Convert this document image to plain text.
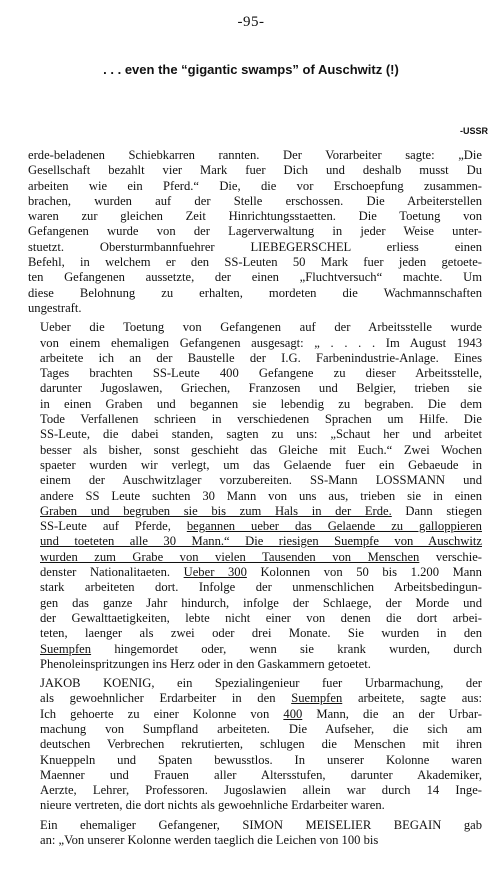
-95-
. . . even the “gigantic swamps” of Auschwitz (!)
-USSR
erde-beladenen Schiebkarren rannten. Der Vorarbeiter sagte: „Die
Gesellschaft bezahlt vier Mark fuer Dich und deshalb musst Du
arbeiten wie ein Pferd.“ Die, die vor Erschoepfung zusammen-
brachen, wurden auf der Stelle erschossen. Die Arbeiterstellen
waren zur gleichen Zeit Hinrichtungsstaetten. Die Toetung von
Gefangenen wurde von der Lagerverwaltung in jeder Weise unter-
stuetzt. Obersturmbannfuehrer LIEBEGERSCHEL erliess einen
Befehl, in welchem er den SS-Leuten 50 Mark fuer jeden getoete-
ten Gefangenen aussetzte, der einen „Fluchtversuch“ machte. Um
diese Belohnung zu erhalten, mordeten die Wachmannschaften
ungestraft.
Ueber die Toetung von Gefangenen auf der Arbeitsstelle wurde
von einem ehemaligen Gefangenen ausgesagt: „ . . . . Im August 1943
arbeitete ich an der Baustelle der I.G. Farbenindustrie-Anlage. Eines
Tages brachten SS-Leute 400 Gefangene zu dieser Arbeitsstelle,
darunter Jugoslawen, Griechen, Franzosen und Belgier, trieben sie
in einen Graben und begannen sie lebendig zu begraben. Die dem
Tode Verfallenen schrieen in verschiedenen Sprachen um Hilfe. Die
SS-Leute, die dabei standen, sagten zu uns: „Schaut her und arbeitet
besser als bisher, sonst geschieht das Gleiche mit Euch.“ Zwei Wochen
spaeter wurden wir verlegt, um das Gelaende fuer ein Gebaeude in
einem der Auschwitzlager vorzubereiten. SS-Mann LOSSMANN und
andere SS Leute suchten 30 Mann von uns aus, trieben sie in einen
Graben und begruben sie bis zum Hals in der Erde. Dann stiegen
SS-Leute auf Pferde, begannen ueber das Gelaende zu galloppieren
und toeteten alle 30 Mann.“ Die riesigen Suempfe von Auschwitz
wurden zum Grabe von vielen Tausenden von Menschen verschie-
denster Nationalitaeten. Ueber 300 Kolonnen von 50 bis 1.200 Mann
stark arbeiteten dort. Infolge der unmenschlichen Arbeitsbedingun-
gen das ganze Jahr hindurch, infolge der Schlaege, der Morde und
der Gewalttaetigkeiten, lebte nicht einer von denen die dort arbei-
teten, laenger als zwei oder drei Monate. Sie wurden in den
Suempfen hingemordet oder, wenn sie krank wurden, durch
Phenoleinspritzungen ins Herz oder in den Gaskammern getoetet.
JAKOB KOENIG, ein Spezialingenieur fuer Urbarmachung, der
als gewoehnlicher Erdarbeiter in den Suempfen arbeitete, sagte aus:
Ich gehoerte zu einer Kolonne von 400 Mann, die an der Urbar-
machung von Sumpfland arbeiteten. Die Aufseher, die sich am
deutschen Verbrechen rekrutierten, schlugen die Menschen mit ihren
Knueppeln und Spaten bewusstlos. In unserer Kolonne waren
Maenner und Frauen aller Altersstufen, darunter Akademiker,
Aerzte, Lehrer, Professoren. Jugoslawien allein war durch 14 Inge-
nieure vertreten, die dort nichts als gewoehnliche Erdarbeiter waren.
Ein ehemaliger Gefangener, SIMON MEISELIER BEGAIN gab
an: „Von unserer Kolonne werden taeglich die Leichen von 100 bis
